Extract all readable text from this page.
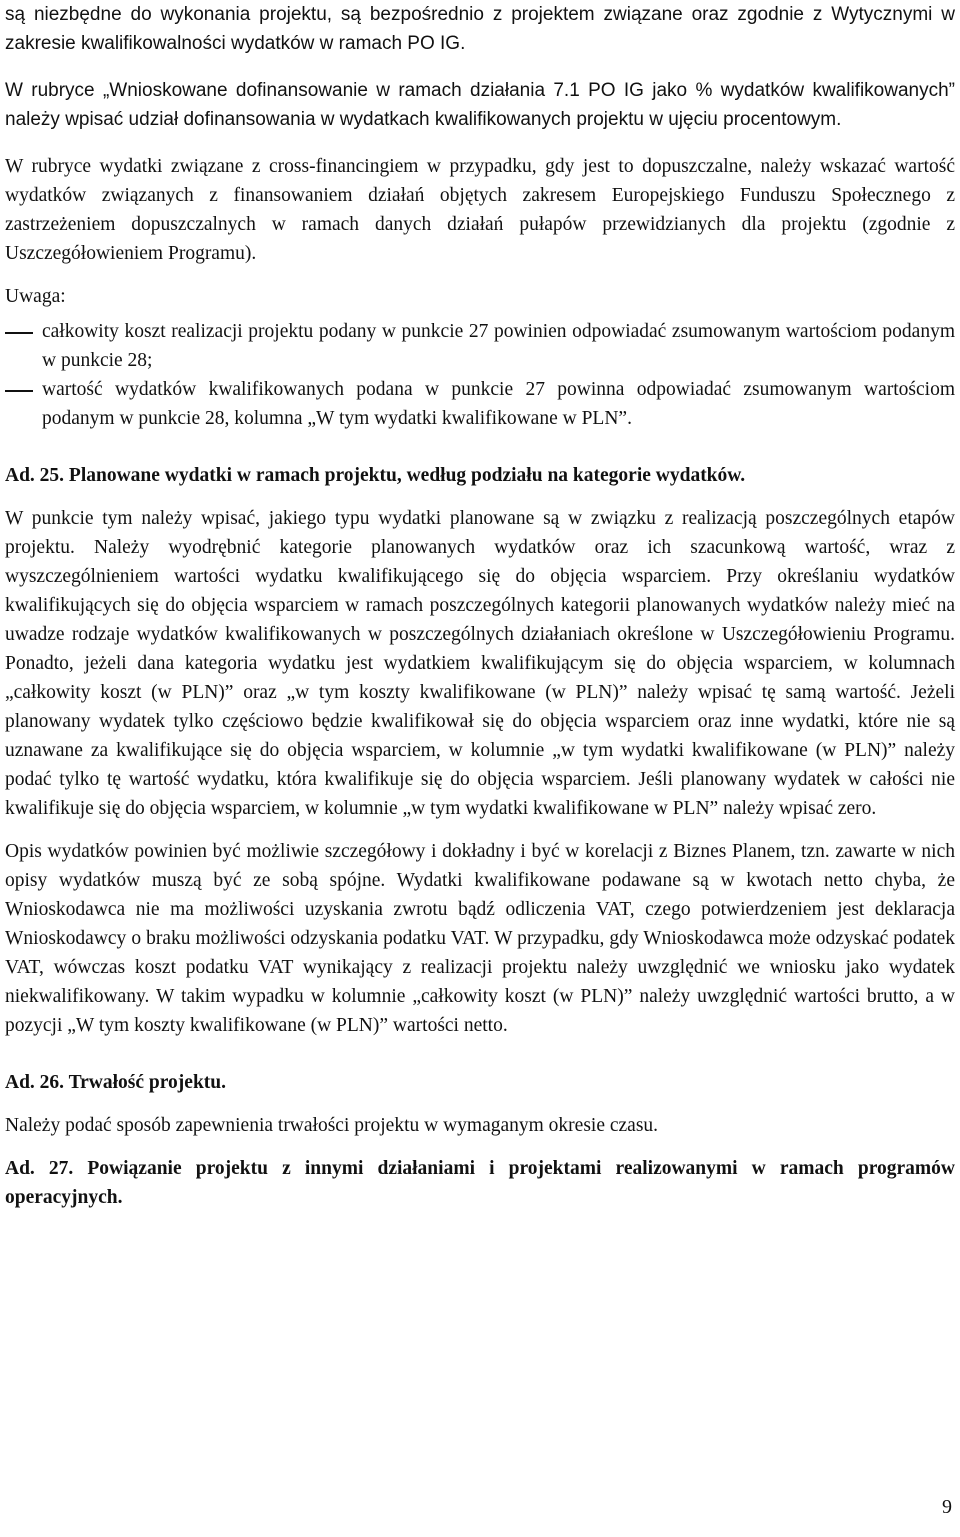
są niezbędne do wykonania projektu, są bezpośrednio z projektem związane oraz zgodnie z Wytycznymi w zakresie kwalifikowalności wydatków w ramach PO IG.

W rubryce „Wnioskowane dofinansowanie w ramach działania 7.1 PO IG jako % wydatków kwalifikowanych” należy wpisać udział dofinansowania w wydatkach kwalifikowanych projektu w ujęciu procentowym.

W rubryce wydatki związane z cross-financingiem w przypadku, gdy jest to dopuszczalne, należy wskazać wartość wydatków związanych z finansowaniem działań objętych zakresem Europejskiego Funduszu Społecznego z zastrzeżeniem dopuszczalnych w ramach danych działań pułapów przewidzianych dla projektu (zgodnie z Uszczegółowieniem Programu).

Uwaga:

całkowity koszt realizacji projektu podany w punkcie 27 powinien odpowiadać zsumowanym wartościom podanym w punkcie 28;
wartość wydatków kwalifikowanych podana w punkcie 27 powinna odpowiadać zsumowanym wartościom podanym w punkcie 28, kolumna „W tym wydatki kwalifikowane w PLN”.

Ad. 25. Planowane wydatki w ramach projektu, według podziału na kategorie wydatków.

W punkcie tym należy wpisać, jakiego typu wydatki planowane są w związku z realizacją poszczególnych etapów projektu. Należy wyodrębnić kategorie planowanych wydatków oraz ich szacunkową wartość, wraz z wyszczególnieniem wartości wydatku kwalifikującego się do objęcia wsparciem. Przy określaniu wydatków kwalifikujących się do objęcia wsparciem w ramach poszczególnych kategorii planowanych wydatków należy mieć na uwadze rodzaje wydatków kwalifikowanych w poszczególnych działaniach określone w Uszczegółowieniu Programu. Ponadto, jeżeli dana kategoria wydatku jest wydatkiem kwalifikującym się do objęcia wsparciem, w kolumnach „całkowity koszt (w PLN)” oraz „w tym koszty kwalifikowane (w PLN)” należy wpisać tę samą wartość. Jeżeli planowany wydatek tylko częściowo będzie kwalifikował się do objęcia wsparciem oraz inne wydatki, które nie są uznawane za kwalifikujące się do objęcia wsparciem, w kolumnie „w tym wydatki kwalifikowane (w PLN)” należy podać tylko tę wartość wydatku, która kwalifikuje się do objęcia wsparciem. Jeśli planowany wydatek w całości nie kwalifikuje się do objęcia wsparciem, w kolumnie „w tym wydatki kwalifikowane w PLN” należy wpisać zero.

Opis wydatków powinien być możliwie szczegółowy i dokładny i być w korelacji z Biznes Planem, tzn. zawarte w nich opisy wydatków muszą być ze sobą spójne. Wydatki kwalifikowane podawane są w kwotach netto chyba, że Wnioskodawca nie ma możliwości uzyskania zwrotu bądź odliczenia VAT, czego potwierdzeniem jest deklaracja Wnioskodawcy o braku możliwości odzyskania podatku VAT. W przypadku, gdy Wnioskodawca może odzyskać podatek VAT, wówczas koszt podatku VAT wynikający z realizacji projektu należy uwzględnić we wniosku jako wydatek niekwalifikowany. W takim wypadku w kolumnie „całkowity koszt (w PLN)” należy uwzględnić wartości brutto, a w pozycji „W tym koszty kwalifikowane (w PLN)” wartości netto.

Ad. 26. Trwałość projektu.

Należy podać sposób zapewnienia trwałości projektu w wymaganym okresie czasu.

Ad. 27. Powiązanie projektu z innymi działaniami i projektami realizowanymi w ramach programów operacyjnych.

9
